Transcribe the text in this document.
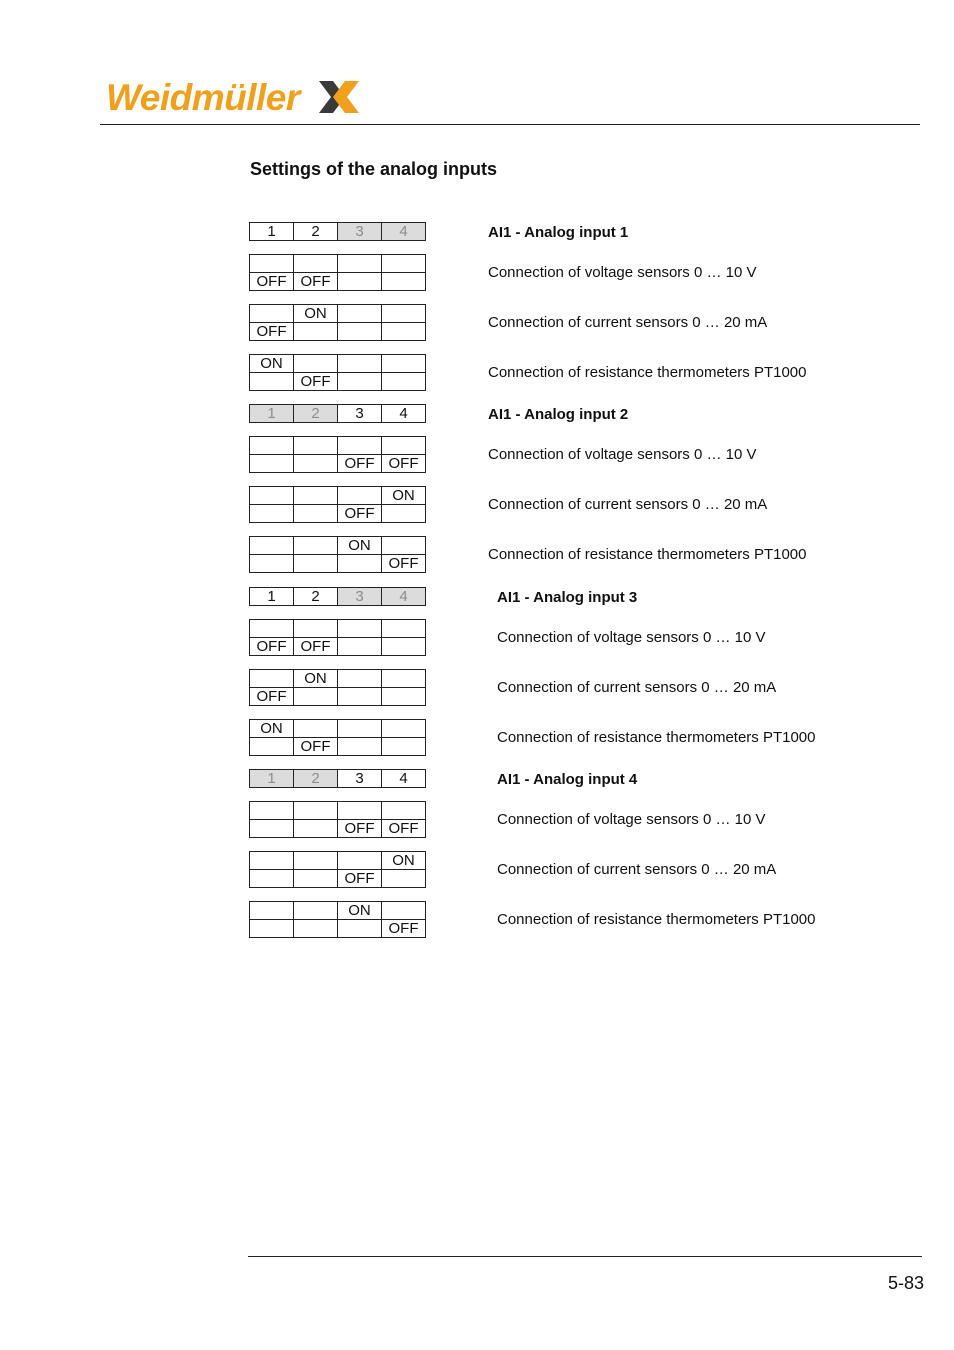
Weidmüller
Settings of the analog inputs
1	2	3	4	AI1 - Analog input 1

OFF	OFF		
Connection of voltage sensors 0 … 10 V
	ON		
OFF			
Connection of current sensors 0 … 20 mA
ON			
	OFF		
Connection of resistance thermometers PT1000
1	2	3	4	AI1 - Analog input 2

		OFF	OFF
Connection of voltage sensors 0 … 10 V
			ON
		OFF	
Connection of current sensors 0 … 20 mA
		ON	
			OFF
Connection of resistance thermometers PT1000
1	2	3	4	AI1 - Analog input 3

OFF	OFF		
Connection of voltage sensors 0 … 10 V
	ON		
OFF			
Connection of current sensors 0 … 20 mA
ON			
	OFF		
Connection of resistance thermometers PT1000
1	2	3	4	AI1 - Analog input 4

		OFF	OFF
Connection of voltage sensors 0 … 10 V
			ON
		OFF	
Connection of current sensors 0 … 20 mA
		ON	
			OFF
Connection of resistance thermometers PT1000
5-83
